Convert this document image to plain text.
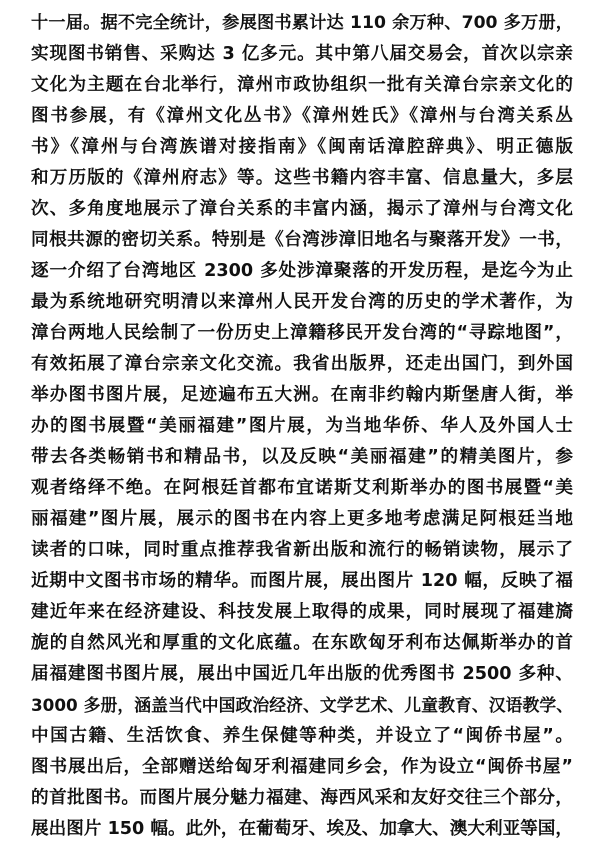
十一届。据不完全统计，参展图书累计达 110 余万种、700 多万册，
实现图书销售、采购达 3 亿多元。其中第八届交易会，首次以宗亲
文化为主题在台北举行，漳州市政协组织一批有关漳台宗亲文化的
图书参展，有《漳州文化丛书》《漳州姓氏》《漳州与台湾关系丛
书》《漳州与台湾族谱对接指南》《闽南话漳腔辞典》、明正德版
和万历版的《漳州府志》等。这些书籍内容丰富、信息量大，多层
次、多角度地展示了漳台关系的丰富内涵，揭示了漳州与台湾文化
同根共源的密切关系。特别是《台湾涉漳旧地名与聚落开发》一书，
逐一介绍了台湾地区 2300 多处涉漳聚落的开发历程，是迄今为止
最为系统地研究明清以来漳州人民开发台湾的历史的学术著作，为
漳台两地人民绘制了一份历史上漳籍移民开发台湾的“寻踪地图”，
有效拓展了漳台宗亲文化交流。我省出版界，还走出国门，到外国
举办图书图片展，足迹遍布五大洲。在南非约翰内斯堡唐人街，举
办的图书展暨“美丽福建”图片展，为当地华侨、华人及外国人士
带去各类畅销书和精品书，以及反映“美丽福建”的精美图片，参
观者络绎不绝。在阿根廷首都布宜诺斯艾利斯举办的图书展暨“美
丽福建”图片展，展示的图书在内容上更多地考虑满足阿根廷当地
读者的口味，同时重点推荐我省新出版和流行的畅销读物，展示了
近期中文图书市场的精华。而图片展，展出图片 120 幅，反映了福
建近年来在经济建设、科技发展上取得的成果，同时展现了福建旖
旎的自然风光和厚重的文化底蕴。在东欧匈牙利布达佩斯举办的首
届福建图书图片展，展出中国近几年出版的优秀图书 2500 多种、
3000 多册，涵盖当代中国政治经济、文学艺术、儿童教育、汉语教学、
中国古籍、生活饮食、养生保健等种类，并设立了“闽侨书屋”。
图书展出后，全部赠送给匈牙利福建同乡会，作为设立“闽侨书屋”
的首批图书。而图片展分魅力福建、海西风采和友好交往三个部分，
展出图片 150 幅。此外，在葡萄牙、埃及、加拿大、澳大利亚等国，
